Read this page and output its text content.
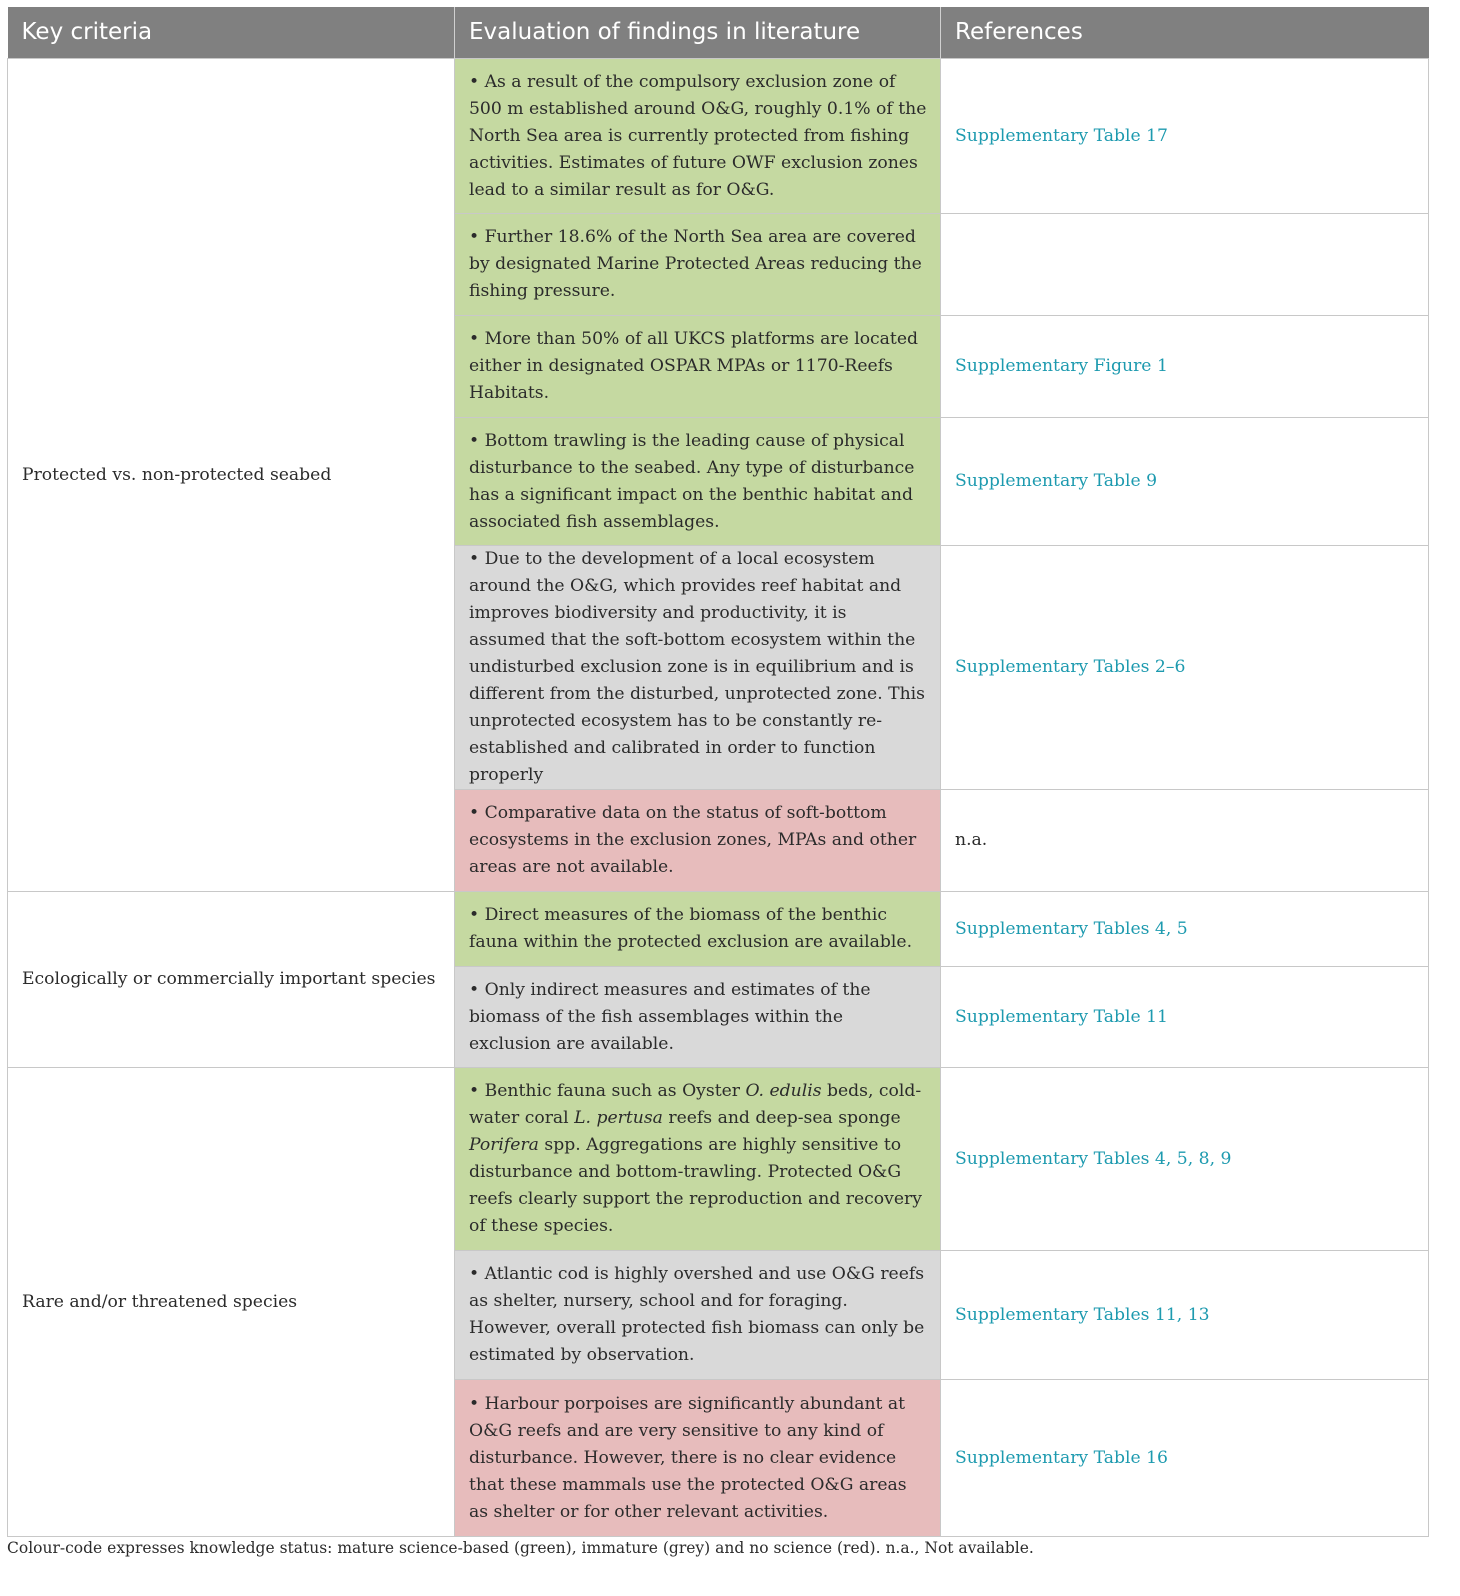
Key criteria	Evaluation of findings in literature	References
Protected vs. non-protected seabed	• As a result of the compulsory exclusion zone of 500 m established around O&G, roughly 0.1% of the North Sea area is currently protected from fishing activities. Estimates of future OWF exclusion zones lead to a similar result as for O&G.	Supplementary Table 17
	• Further 18.6% of the North Sea area are covered by designated Marine Protected Areas reducing the fishing pressure.	
	• More than 50% of all UKCS platforms are located either in designated OSPAR MPAs or 1170-Reefs Habitats.	Supplementary Figure 1
	• Bottom trawling is the leading cause of physical disturbance to the seabed. Any type of disturbance has a significant impact on the benthic habitat and associated fish assemblages.	Supplementary Table 9
	• Due to the development of a local ecosystem around the O&G, which provides reef habitat and improves biodiversity and productivity, it is assumed that the soft-bottom ecosystem within the undisturbed exclusion zone is in equilibrium and is different from the disturbed, unprotected zone. This unprotected ecosystem has to be constantly re-established and calibrated in order to function properly	Supplementary Tables 2–6
	• Comparative data on the status of soft-bottom ecosystems in the exclusion zones, MPAs and other areas are not available.	n.a.
Ecologically or commercially important species	• Direct measures of the biomass of the benthic fauna within the protected exclusion are available.	Supplementary Tables 4, 5
	• Only indirect measures and estimates of the biomass of the fish assemblages within the exclusion are available.	Supplementary Table 11
Rare and/or threatened species	• Benthic fauna such as Oyster O. edulis beds, cold-water coral L. pertusa reefs and deep-sea sponge Porifera spp. Aggregations are highly sensitive to disturbance and bottom-trawling. Protected O&G reefs clearly support the reproduction and recovery of these species.	Supplementary Tables 4, 5, 8, 9
	• Atlantic cod is highly overshed and use O&G reefs as shelter, nursery, school and for foraging. However, overall protected fish biomass can only be estimated by observation.	Supplementary Tables 11, 13
	• Harbour porpoises are significantly abundant at O&G reefs and are very sensitive to any kind of disturbance. However, there is no clear evidence that these mammals use the protected O&G areas as shelter or for other relevant activities.	Supplementary Table 16
Colour-code expresses knowledge status: mature science-based (green), immature (grey) and no science (red). n.a., Not available.
